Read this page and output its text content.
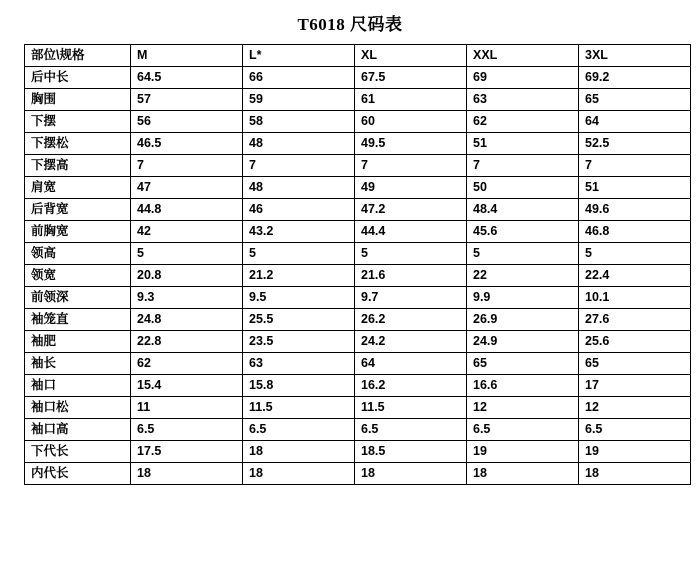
T6018 尺码表
部位\规格	M	L*	XL	XXL	3XL
后中长	64.5	66	67.5	69	69.2
胸围	57	59	61	63	65
下摆	56	58	60	62	64
下摆松	46.5	48	49.5	51	52.5
下摆高	7	7	7	7	7
肩宽	47	48	49	50	51
后背宽	44.8	46	47.2	48.4	49.6
前胸宽	42	43.2	44.4	45.6	46.8
领高	5	5	5	5	5
领宽	20.8	21.2	21.6	22	22.4
前领深	9.3	9.5	9.7	9.9	10.1
袖笼直	24.8	25.5	26.2	26.9	27.6
袖肥	22.8	23.5	24.2	24.9	25.6
袖长	62	63	64	65	65
袖口	15.4	15.8	16.2	16.6	17
袖口松	11	11.5	11.5	12	12
袖口高	6.5	6.5	6.5	6.5	6.5
下代长	17.5	18	18.5	19	19
内代长	18	18	18	18	18
